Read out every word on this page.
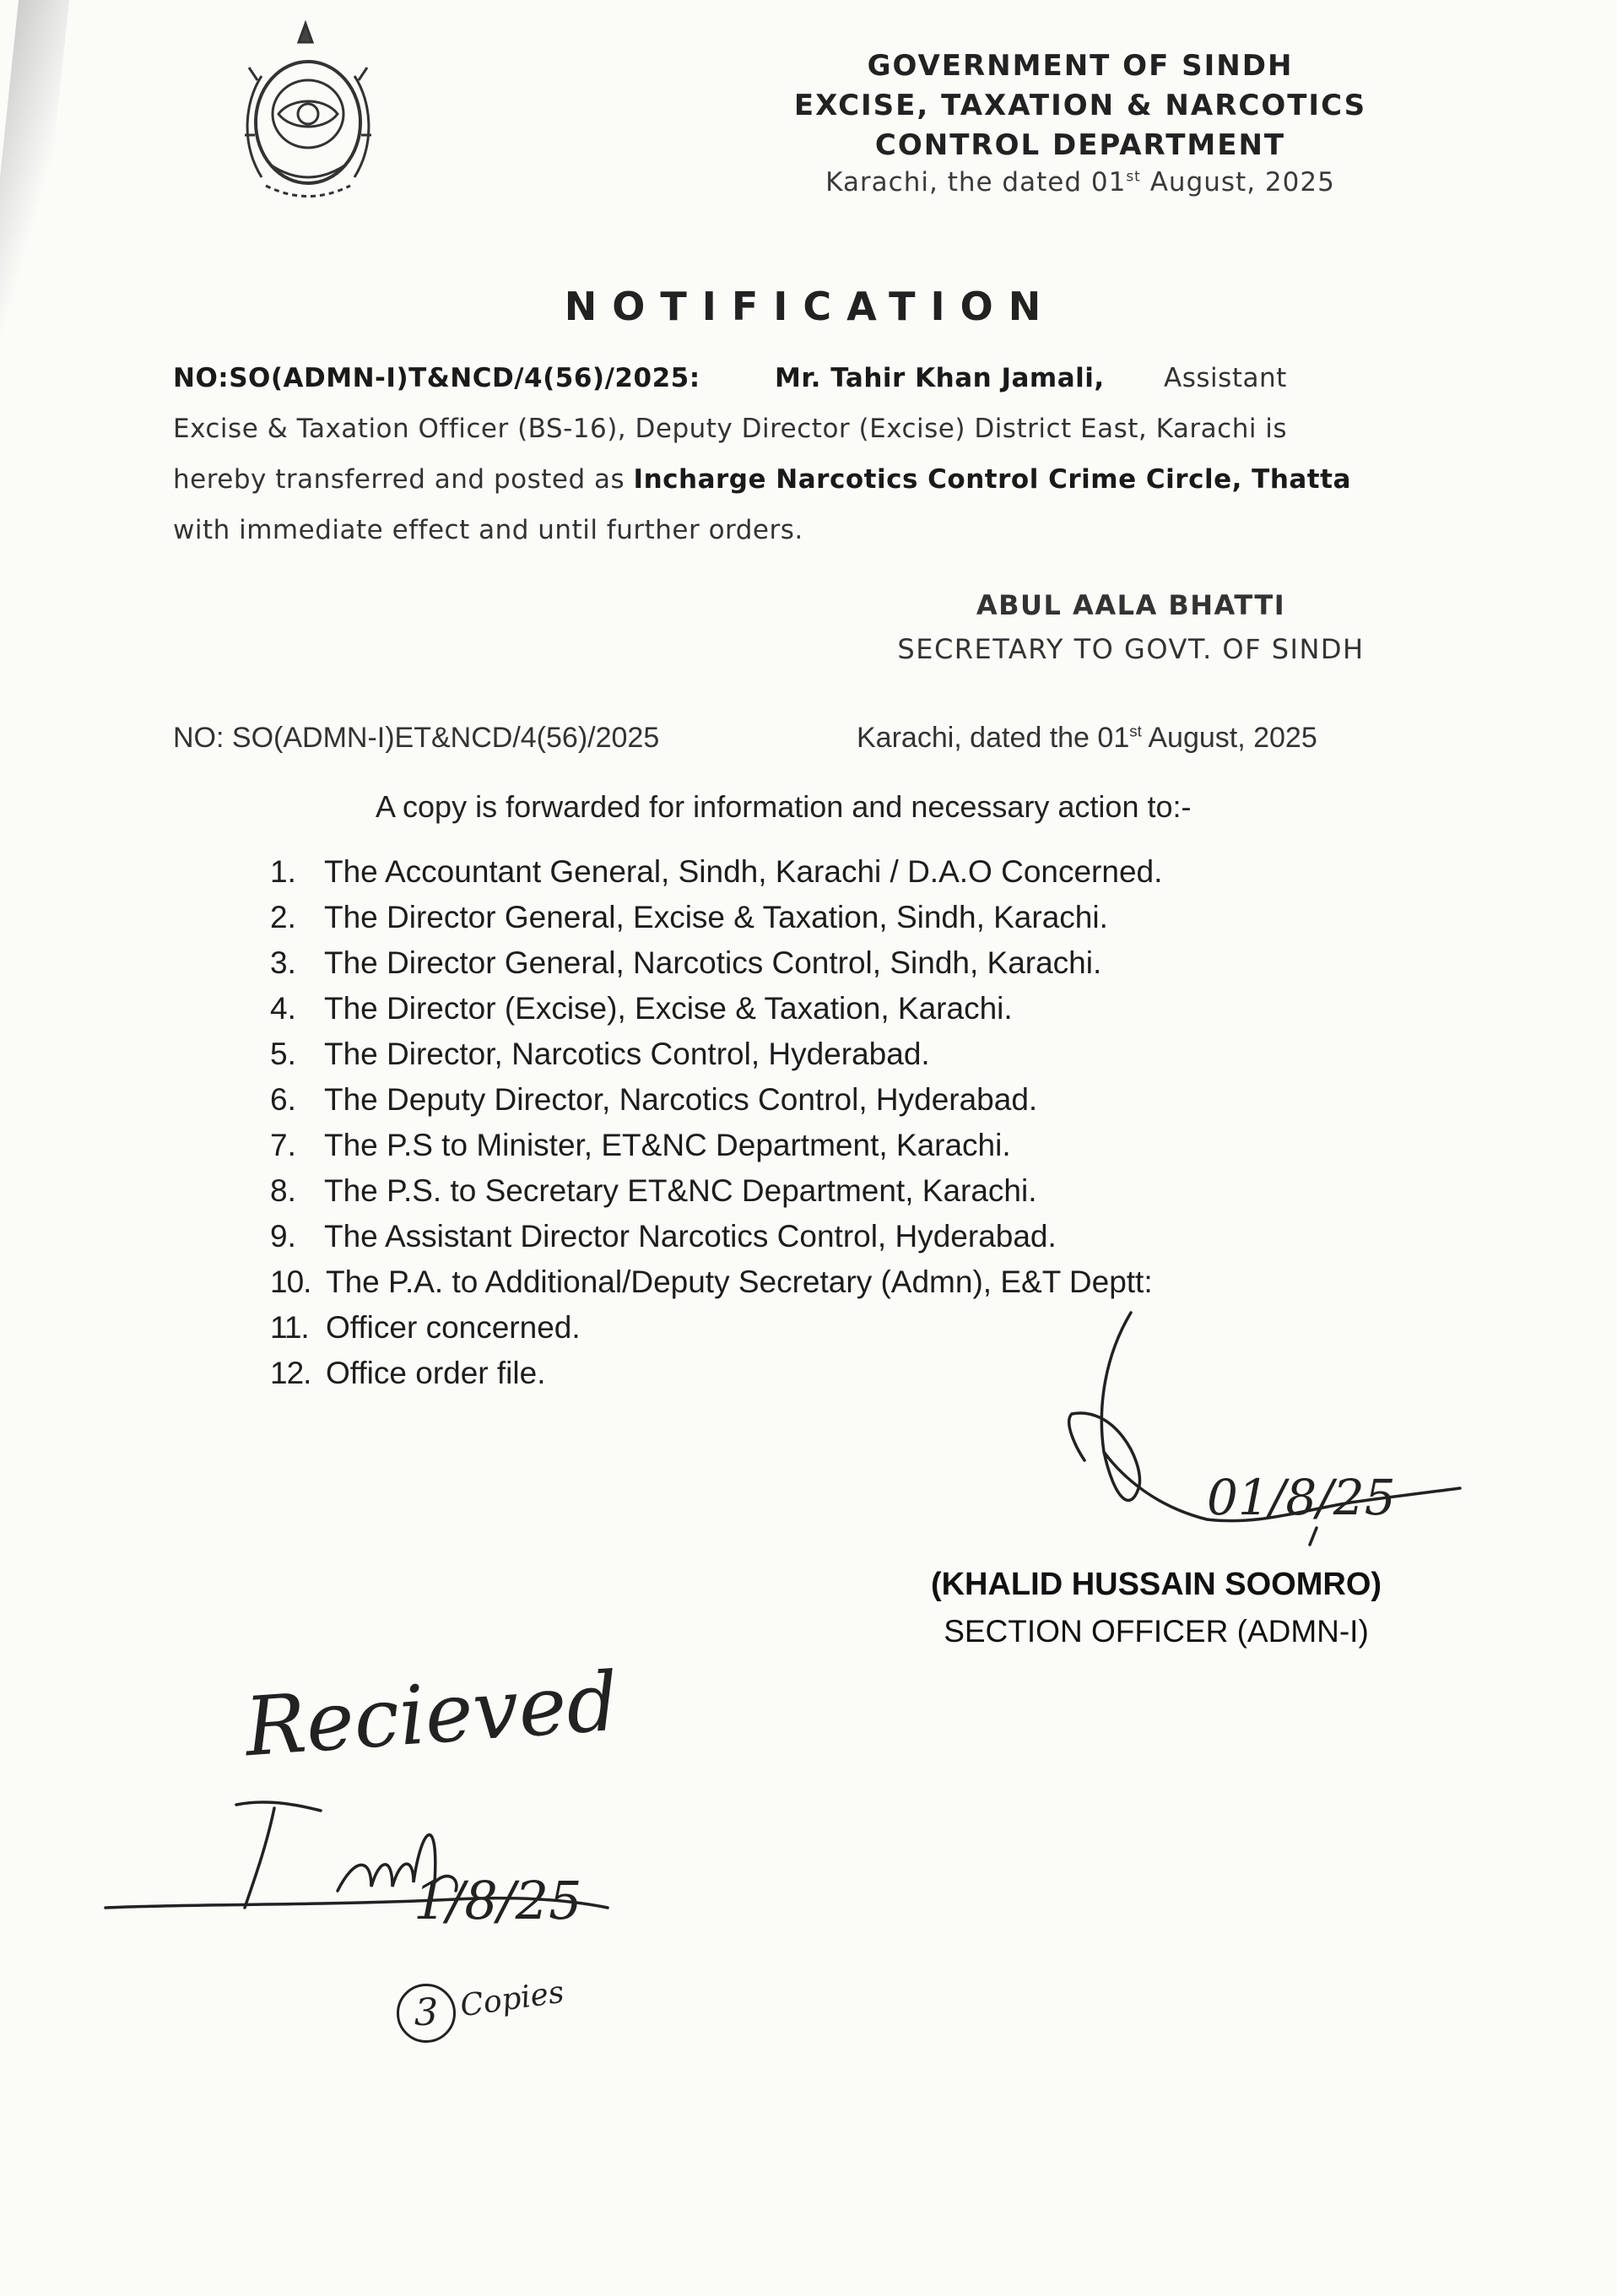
GOVERNMENT OF SINDH
EXCISE, TAXATION & NARCOTICS
CONTROL DEPARTMENT
Karachi, the dated 01st August, 2025
NOTIFICATION
NO:SO(ADMN-I)T&NCD/4(56)/2025:	Mr. Tahir Khan Jamali, Assistant
Excise & Taxation Officer (BS-16), Deputy Director (Excise) District East, Karachi is
hereby transferred and posted as Incharge Narcotics Control Crime Circle, Thatta
with immediate effect and until further orders.
ABUL AALA BHATTI
SECRETARY TO GOVT. OF SINDH
NO: SO(ADMN-I)ET&NCD/4(56)/2025	Karachi, dated the 01st August, 2025
A copy is forwarded for information and necessary action to:-
1. The Accountant General, Sindh, Karachi / D.A.O Concerned.
2. The Director General, Excise & Taxation, Sindh, Karachi.
3. The Director General, Narcotics Control, Sindh, Karachi.
4. The Director (Excise), Excise & Taxation, Karachi.
5. The Director, Narcotics Control, Hyderabad.
6. The Deputy Director, Narcotics Control, Hyderabad.
7. The P.S to Minister, ET&NC Department, Karachi.
8. The P.S. to Secretary ET&NC Department, Karachi.
9. The Assistant Director Narcotics Control, Hyderabad.
10. The P.A. to Additional/Deputy Secretary (Admn), E&T Deptt:
11. Officer concerned.
12. Office order file.
01/8/25
(KHALID HUSSAIN SOOMRO)
SECTION OFFICER (ADMN-I)
Recieved
1/8/25
3 Copies
